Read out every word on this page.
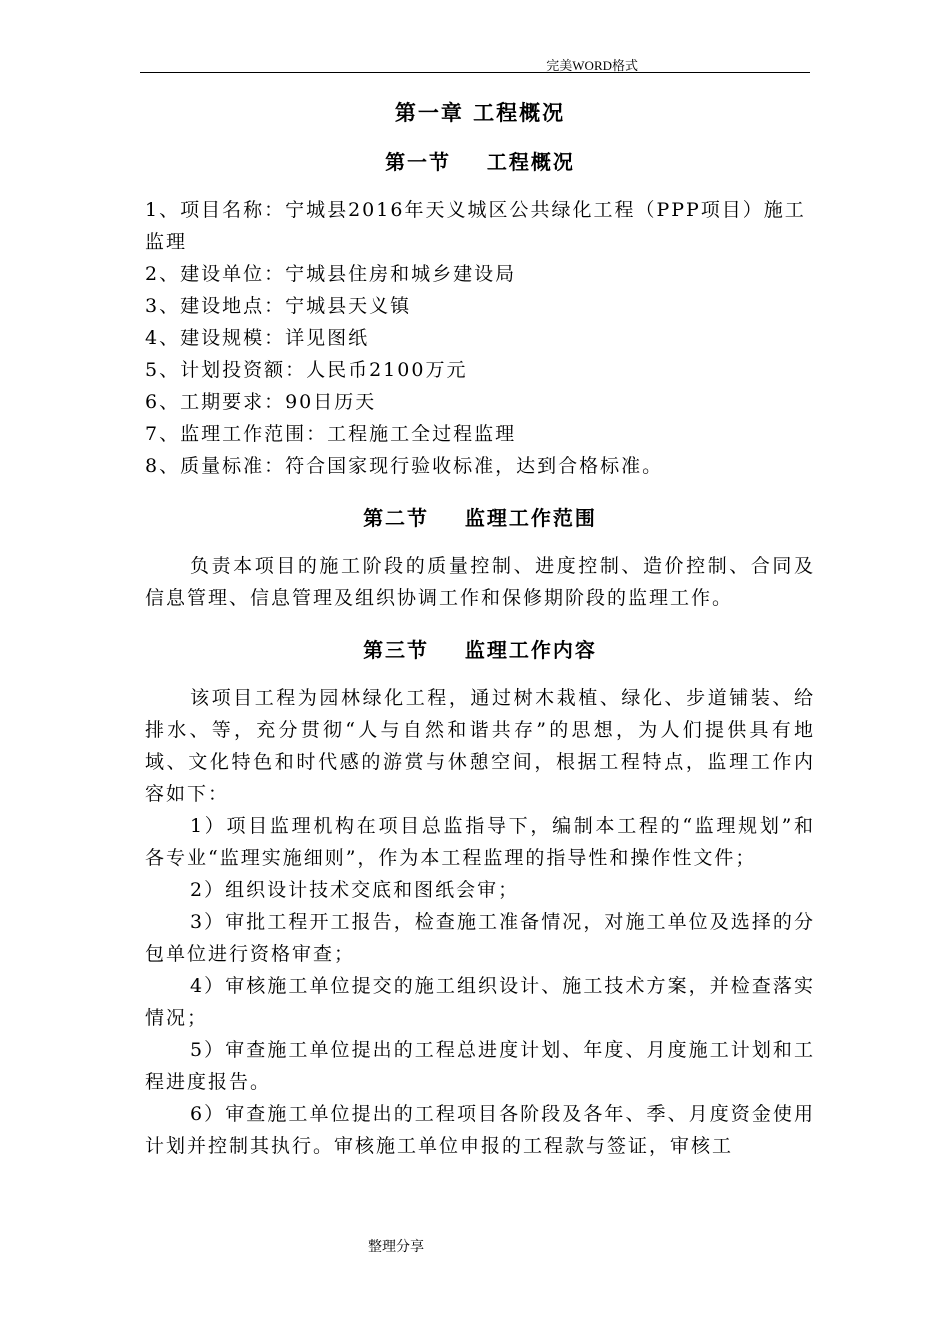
完美WORD格式
第一章 工程概况
第一节    工程概况
1、项目名称：宁城县2016年天义城区公共绿化工程（PPP项目）施工监理
2、建设单位：宁城县住房和城乡建设局
3、建设地点：宁城县天义镇
4、建设规模：详见图纸
5、计划投资额：人民币2100万元
6、工期要求：90日历天
7、监理工作范围：工程施工全过程监理
8、质量标准：符合国家现行验收标准，达到合格标准。
第二节    监理工作范围

负责本项目的施工阶段的质量控制、进度控制、造价控制、合同及信息管理、信息管理及组织协调工作和保修期阶段的监理工作。

第三节    监理工作内容

该项目工程为园林绿化工程，通过树木栽植、绿化、步道铺装、给排水、等，充分贯彻“人与自然和谐共存”的思想，为人们提供具有地域、文化特色和时代感的游赏与休憩空间，根据工程特点，监理工作内容如下：

1）项目监理机构在项目总监指导下，编制本工程的“监理规划”和各专业“监理实施细则”，作为本工程监理的指导性和操作性文件；

2）组织设计技术交底和图纸会审；

3）审批工程开工报告，检查施工准备情况，对施工单位及选择的分包单位进行资格审查；

4）审核施工单位提交的施工组织设计、施工技术方案，并检查落实情况；

5）审查施工单位提出的工程总进度计划、年度、月度施工计划和工程进度报告。

6）审查施工单位提出的工程项目各阶段及各年、季、月度资金使用计划并控制其执行。审核施工单位申报的工程款与签证，审核工

整理分享
